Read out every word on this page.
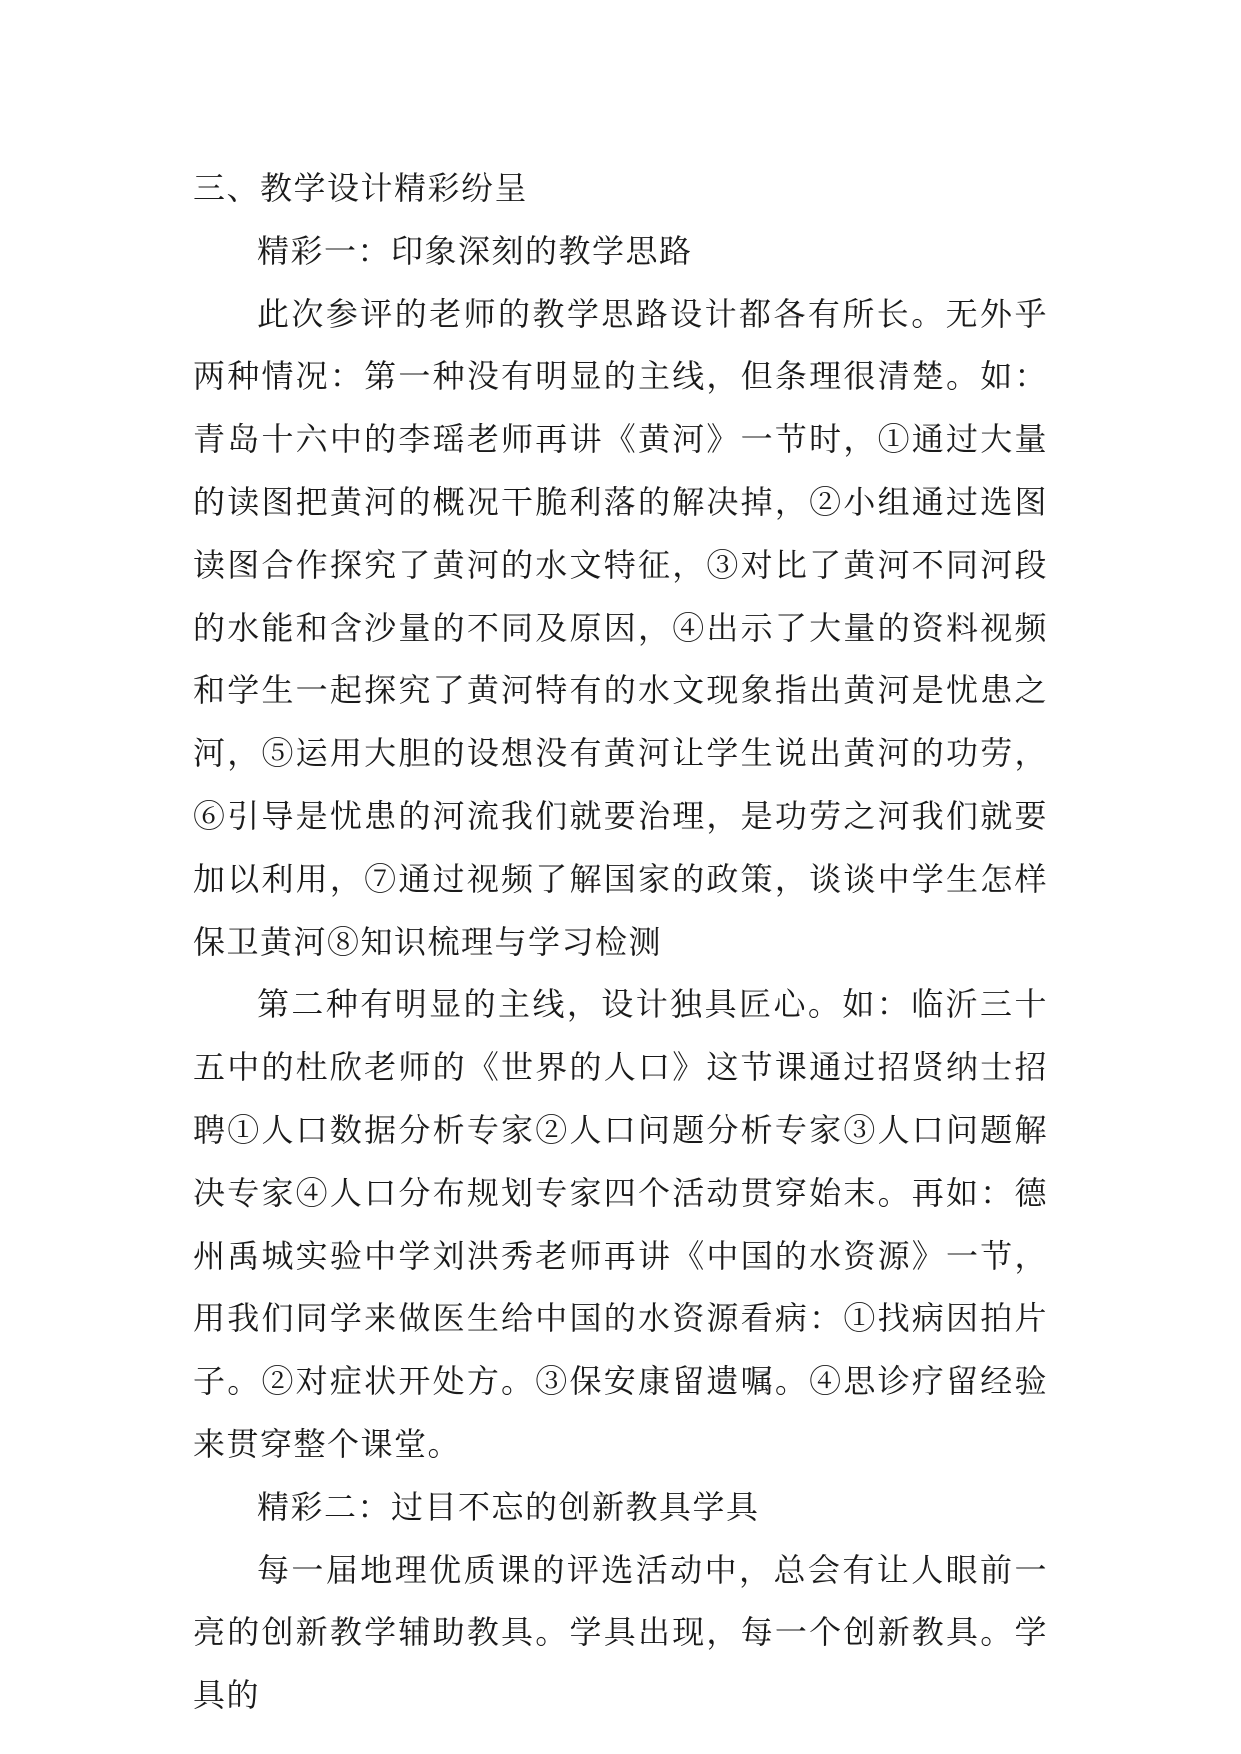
三、教学设计精彩纷呈

精彩一：印象深刻的教学思路

此次参评的老师的教学思路设计都各有所长。无外乎两种情况：第一种没有明显的主线，但条理很清楚。如：青岛十六中的李瑶老师再讲《黄河》一节时，①通过大量的读图把黄河的概况干脆利落的解决掉，②小组通过选图读图合作探究了黄河的水文特征，③对比了黄河不同河段的水能和含沙量的不同及原因，④出示了大量的资料视频和学生一起探究了黄河特有的水文现象指出黄河是忧患之河，⑤运用大胆的设想没有黄河让学生说出黄河的功劳，⑥引导是忧患的河流我们就要治理，是功劳之河我们就要加以利用，⑦通过视频了解国家的政策，谈谈中学生怎样保卫黄河⑧知识梳理与学习检测

第二种有明显的主线，设计独具匠心。如：临沂三十五中的杜欣老师的《世界的人口》这节课通过招贤纳士招聘①人口数据分析专家②人口问题分析专家③人口问题解决专家④人口分布规划专家四个活动贯穿始末。再如：德州禹城实验中学刘洪秀老师再讲《中国的水资源》一节，用我们同学来做医生给中国的水资源看病：①找病因拍片子。②对症状开处方。③保安康留遗嘱。④思诊疗留经验来贯穿整个课堂。

精彩二：过目不忘的创新教具学具

每一届地理优质课的评选活动中，总会有让人眼前一亮的创新教学辅助教具。学具出现，每一个创新教具。学具的
